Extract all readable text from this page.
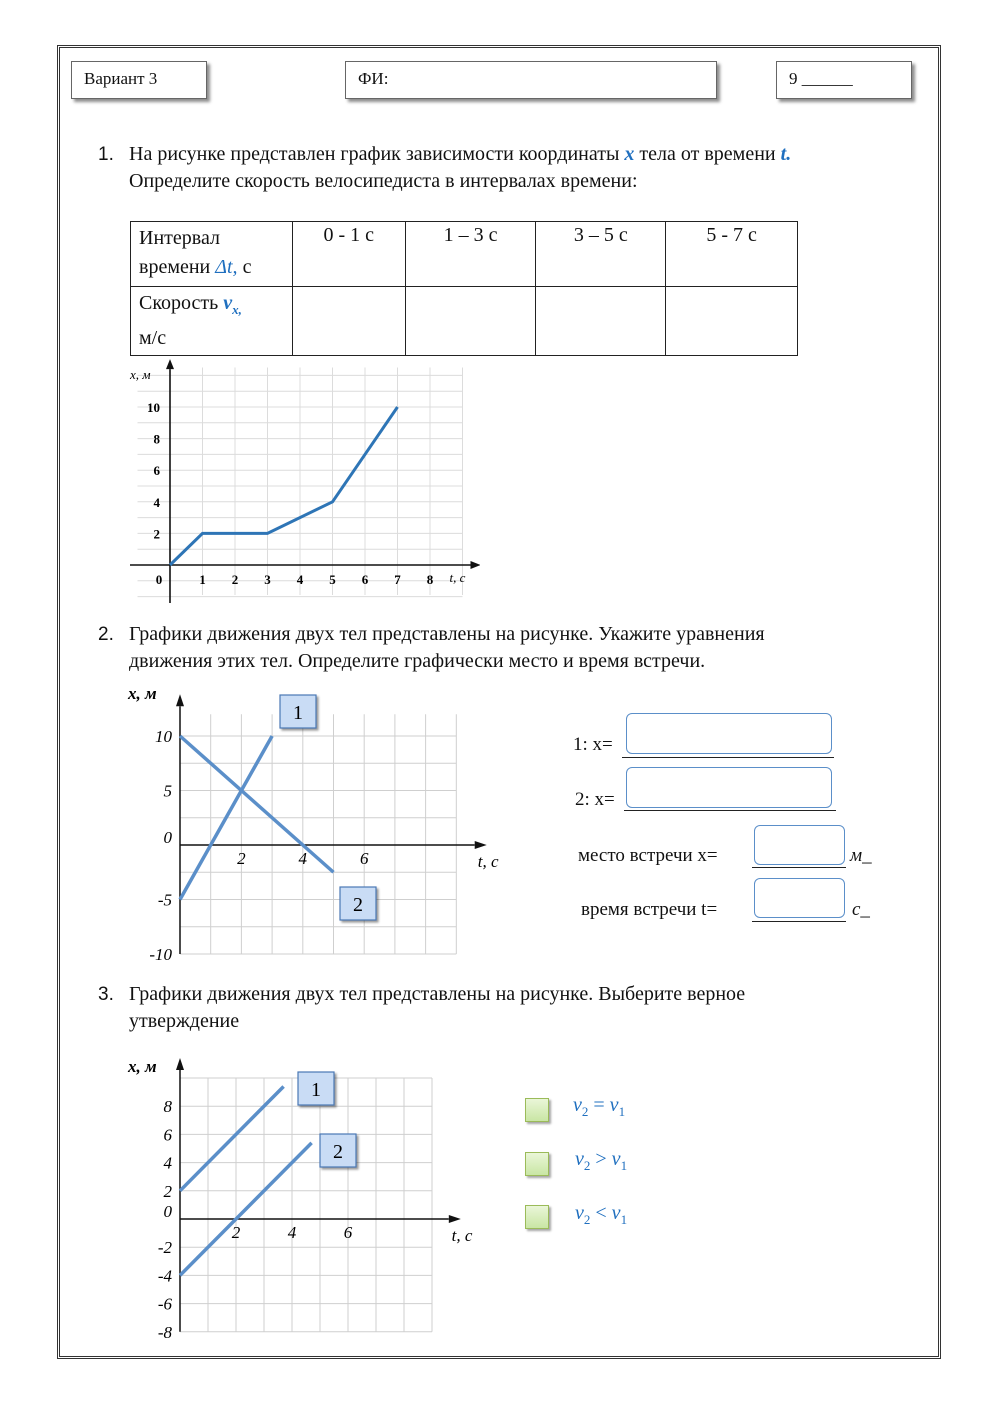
Вариант 3	ФИ:	9 ______
1. На рисунке представлен график зависимости координаты x тела от времени t.
Определите скорость велосипедиста в интервалах времени:
Интервал
времени Δt, с	0 - 1 с	1 – 3 с	3 – 5 с	5 - 7 с
Скорость $v_{x,}$
м/с				
0	1 2 3 4 5 6 7 8
2
4
6
8
10
t, с
x, м
2. Графики движения двух тел представлены на рисунке. Укажите уравнения
движения этих тел. Определите графически место и время встречи.
2	4	6
10
5
0
-5
-10
t, с
x, м
1
2
1: x=
2: x=
место встречи x=	м_
время встречи t=	с_
3. Графики движения двух тел представлены на рисунке. Выберите верное
утверждение
2	4	6
8
6
4
2
0
-2
-4
-6
-8
t, с
x, м
1
2
$v_2 = v_1$
$v_2 > v_1$
$v_2 < v_1$
